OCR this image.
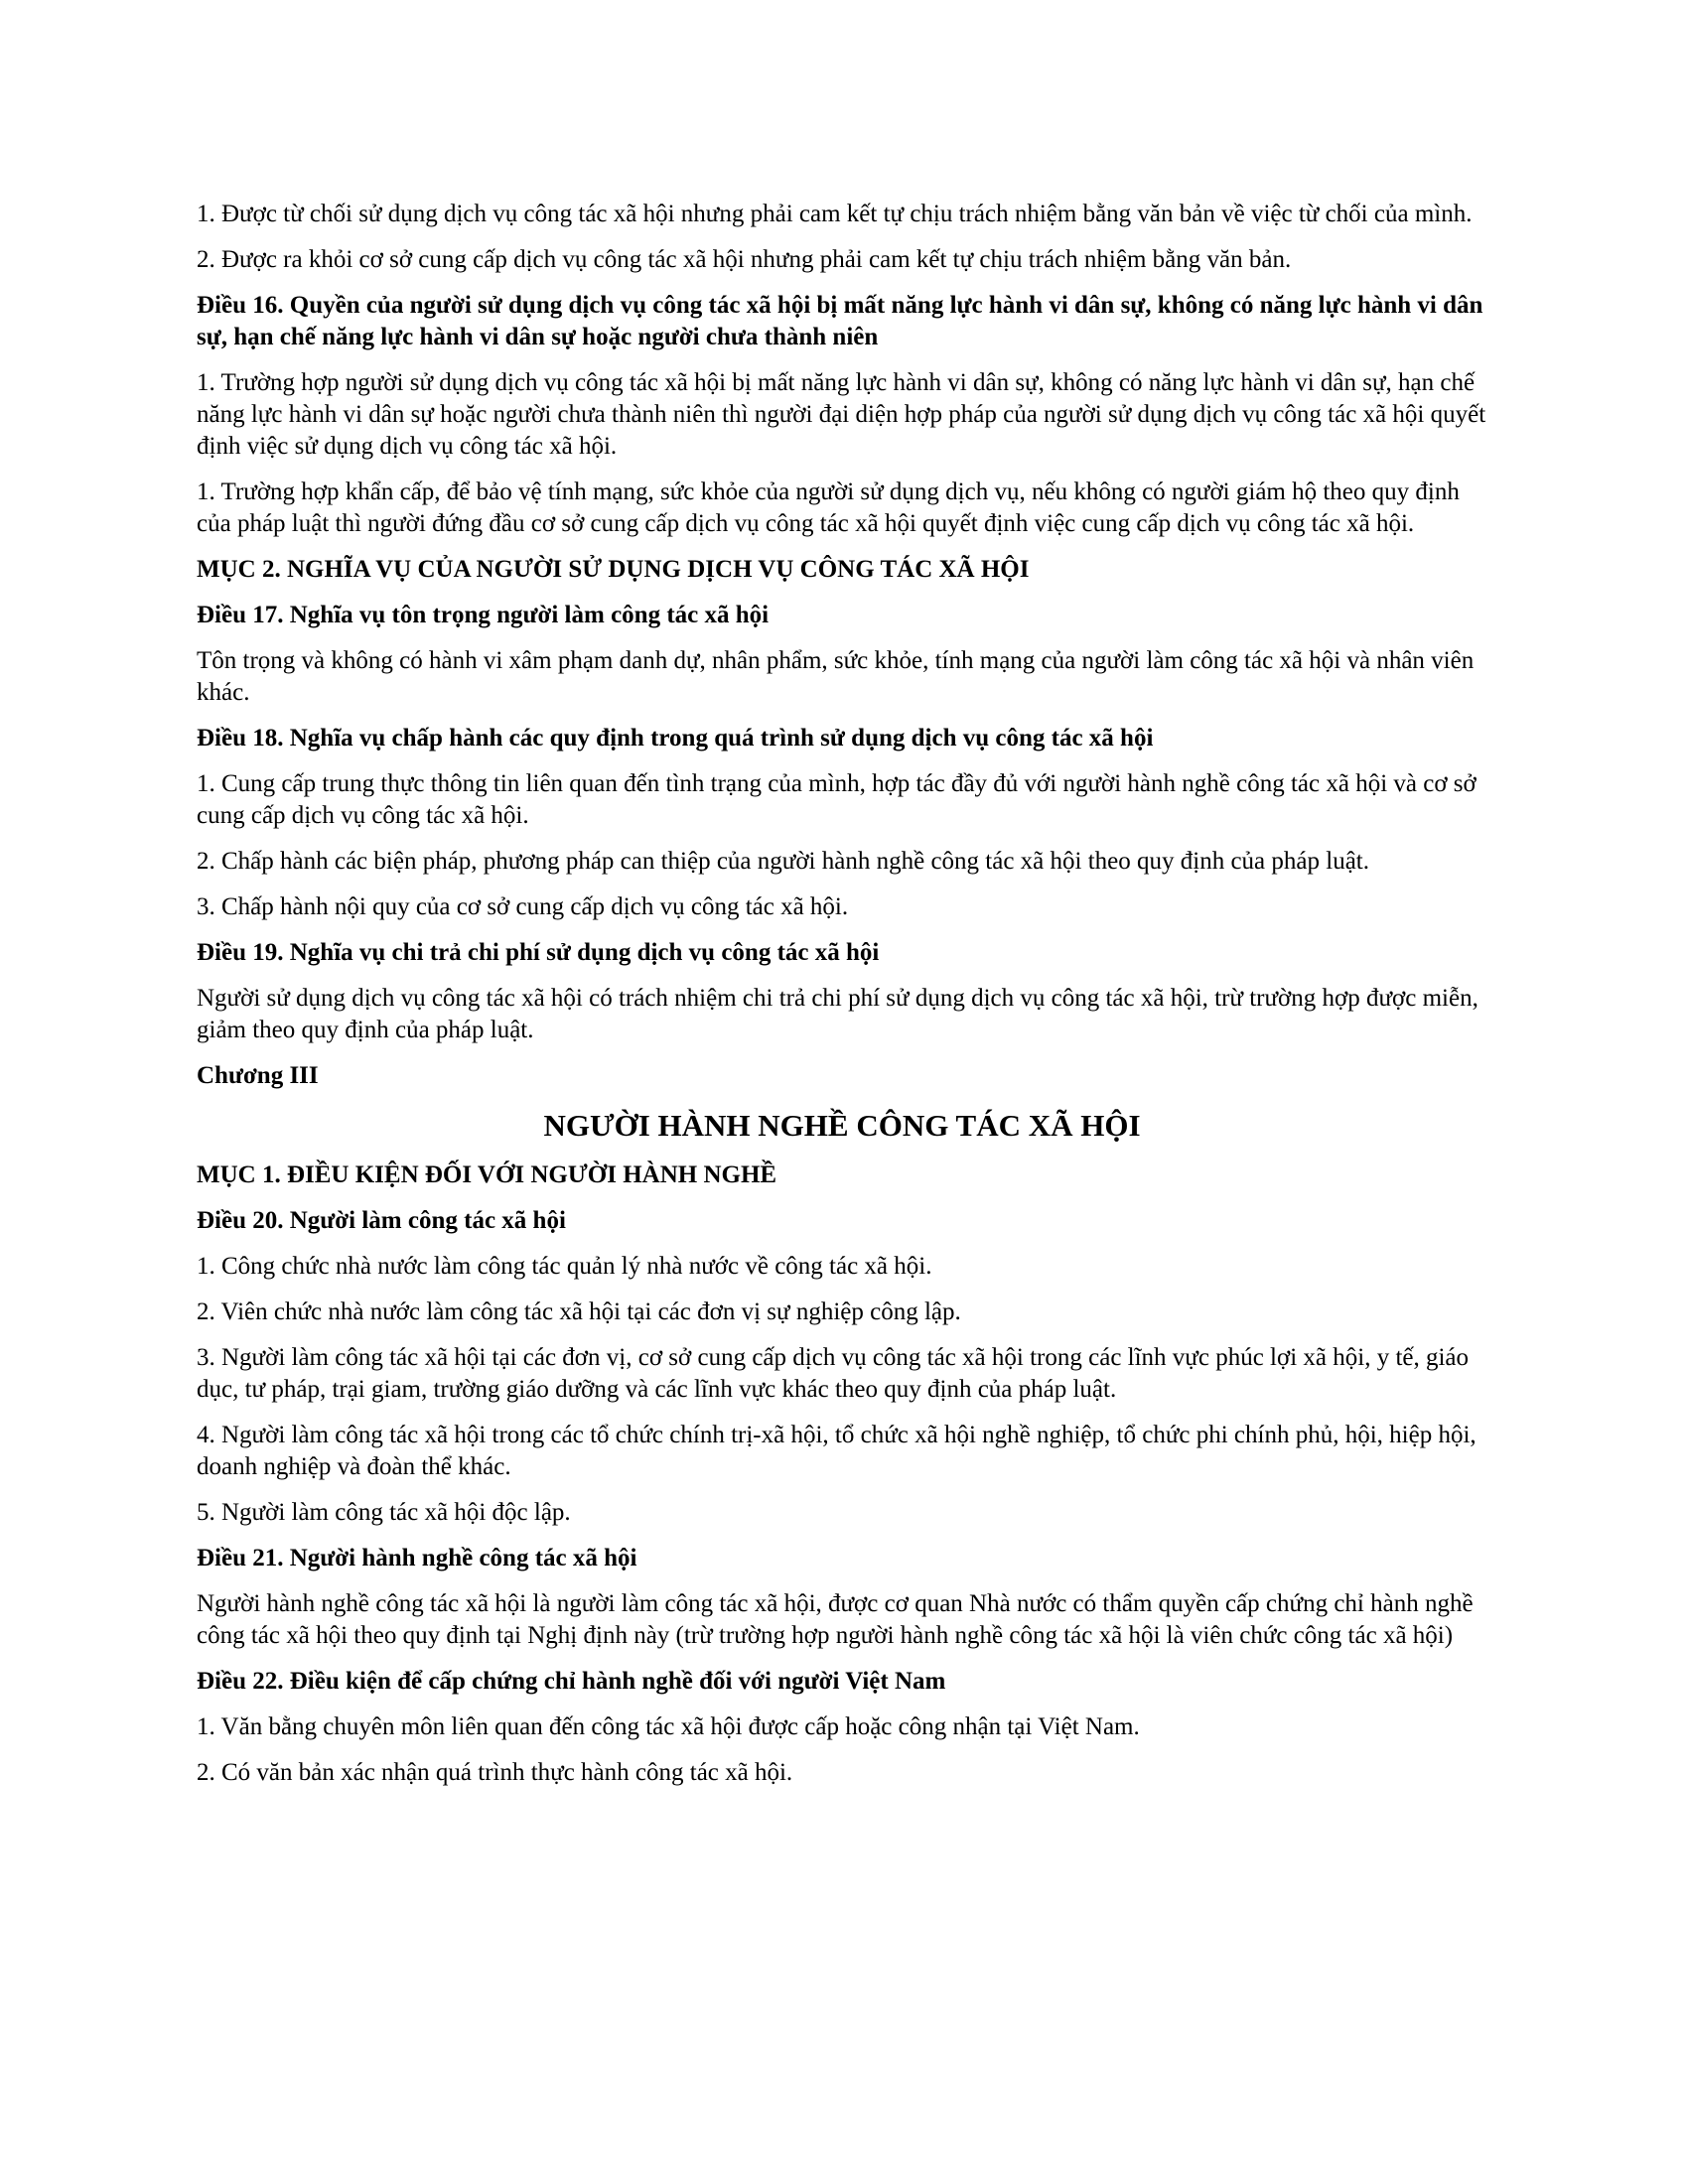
1. Được từ chối sử dụng dịch vụ công tác xã hội nhưng phải cam kết tự chịu trách nhiệm bằng văn bản về việc từ chối của mình.

2. Được ra khỏi cơ sở cung cấp dịch vụ công tác xã hội nhưng phải cam kết tự chịu trách nhiệm bằng văn bản.

Điều 16. Quyền của người sử dụng dịch vụ công tác xã hội bị mất năng lực hành vi dân sự, không có năng lực hành vi dân sự, hạn chế năng lực hành vi dân sự hoặc người chưa thành niên

1. Trường hợp người sử dụng dịch vụ công tác xã hội bị mất năng lực hành vi dân sự, không có năng lực hành vi dân sự, hạn chế năng lực hành vi dân sự hoặc người chưa thành niên thì người đại diện hợp pháp của người sử dụng dịch vụ công tác xã hội quyết định việc sử dụng dịch vụ công tác xã hội.

1. Trường hợp khẩn cấp, để bảo vệ tính mạng, sức khỏe của người sử dụng dịch vụ, nếu không có người giám hộ theo quy định của pháp luật thì người đứng đầu cơ sở cung cấp dịch vụ công tác xã hội quyết định việc cung cấp dịch vụ công tác xã hội.

MỤC 2. NGHĨA VỤ CỦA NGƯỜI SỬ DỤNG DỊCH VỤ CÔNG TÁC XÃ HỘI

Điều 17. Nghĩa vụ tôn trọng người làm công tác xã hội

Tôn trọng và không có hành vi xâm phạm danh dự, nhân phẩm, sức khỏe, tính mạng của người làm công tác xã hội và nhân viên khác.

Điều 18. Nghĩa vụ chấp hành các quy định trong quá trình sử dụng dịch vụ công tác xã hội

1. Cung cấp trung thực thông tin liên quan đến tình trạng của mình, hợp tác đầy đủ với người hành nghề công tác xã hội và cơ sở cung cấp dịch vụ công tác xã hội.

2. Chấp hành các biện pháp, phương pháp can thiệp của người hành nghề công tác xã hội theo quy định của pháp luật.

3. Chấp hành nội quy của cơ sở cung cấp dịch vụ công tác xã hội.

Điều 19. Nghĩa vụ chi trả chi phí sử dụng dịch vụ công tác xã hội

Người sử dụng dịch vụ công tác xã hội có trách nhiệm chi trả chi phí sử dụng dịch vụ công tác xã hội, trừ trường hợp được miễn, giảm theo quy định của pháp luật.

Chương III

NGƯỜI HÀNH NGHỀ CÔNG TÁC XÃ HỘI

MỤC 1. ĐIỀU KIỆN ĐỐI VỚI NGƯỜI HÀNH NGHỀ

Điều 20. Người làm công tác xã hội

1. Công chức nhà nước làm công tác quản lý nhà nước về công tác xã hội.

2. Viên chức nhà nước làm công tác xã hội tại các đơn vị sự nghiệp công lập.

3. Người làm công tác xã hội tại các đơn vị, cơ sở cung cấp dịch vụ công tác xã hội trong các lĩnh vực phúc lợi xã hội, y tế, giáo dục, tư pháp, trại giam, trường giáo dưỡng và các lĩnh vực khác theo quy định của pháp luật.

4. Người làm công tác xã hội trong các tổ chức chính trị-xã hội, tổ chức xã hội nghề nghiệp, tổ chức phi chính phủ, hội, hiệp hội, doanh nghiệp và đoàn thể khác.

5. Người làm công tác xã hội độc lập.

Điều 21. Người hành nghề công tác xã hội

Người hành nghề công tác xã hội là người làm công tác xã hội, được cơ quan Nhà nước có thẩm quyền cấp chứng chỉ hành nghề công tác xã hội theo quy định tại Nghị định này (trừ trường hợp người hành nghề công tác xã hội là viên chức công tác xã hội)

Điều 22. Điều kiện để cấp chứng chỉ hành nghề đối với người Việt Nam

1. Văn bằng chuyên môn liên quan đến công tác xã hội được cấp hoặc công nhận tại Việt Nam.

2. Có văn bản xác nhận quá trình thực hành công tác xã hội.
